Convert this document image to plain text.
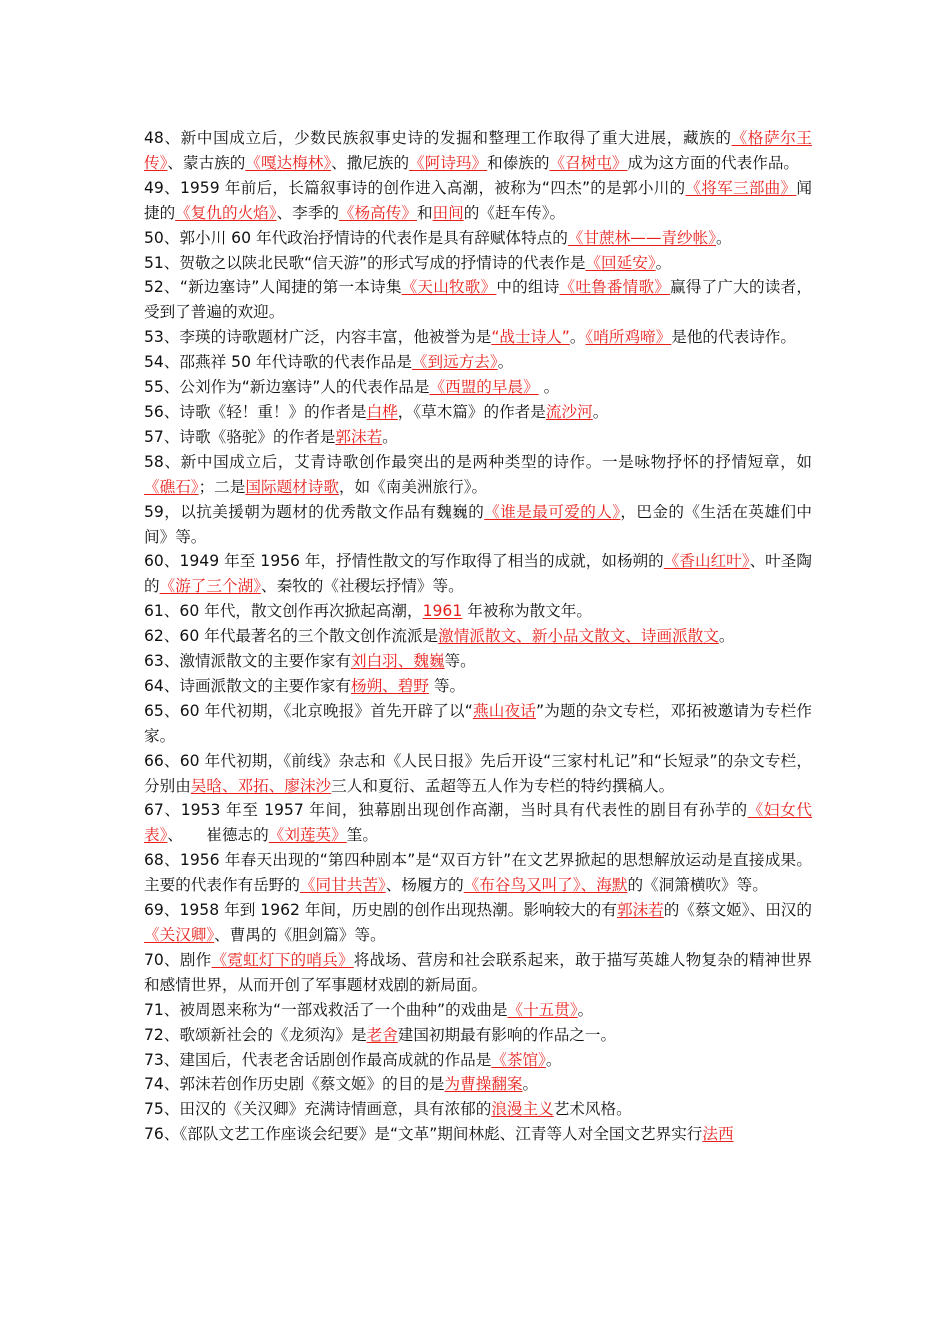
48、新中国成立后，少数民族叙事史诗的发掘和整理工作取得了重大进展，藏族的《格萨尔王传》、蒙古族的《嘎达梅林》、撒尼族的《阿诗玛》和傣族的《召树屯》成为这方面的代表作品。

49、1959 年前后，长篇叙事诗的创作进入高潮，被称为“四杰”的是郭小川的《将军三部曲》闻捷的《复仇的火焰》、李季的《杨高传》和田间的《赶车传》。

50、郭小川 60 年代政治抒情诗的代表作是具有辞赋体特点的《甘蔗林——青纱帐》。

51、贺敬之以陕北民歌“信天游”的形式写成的抒情诗的代表作是《回延安》。

52、“新边塞诗”人闻捷的第一本诗集《天山牧歌》中的组诗《吐鲁番情歌》赢得了广大的读者，受到了普遍的欢迎。

53、李瑛的诗歌题材广泛，内容丰富，他被誉为是“战士诗人”。《哨所鸡啼》是他的代表诗作。

54、邵燕祥 50 年代诗歌的代表作品是《到远方去》。

55、公刘作为“新边塞诗”人的代表作品是《西盟的早晨》 。

56、诗歌《轻！重！》的作者是白桦，《草木篇》的作者是流沙河。

57、诗歌《骆驼》的作者是郭沫若。

58、新中国成立后，艾青诗歌创作最突出的是两种类型的诗作。一是咏物抒怀的抒情短章，如《礁石》；二是国际题材诗歌，如《南美洲旅行》。

59，以抗美援朝为题材的优秀散文作品有魏巍的《谁是最可爱的人》，巴金的《生活在英雄们中间》等。

60、1949 年至 1956 年，抒情性散文的写作取得了相当的成就，如杨朔的《香山红叶》、叶圣陶的《游了三个湖》、秦牧的《社稷坛抒情》等。

61、60 年代，散文创作再次掀起高潮，1961 年被称为散文年。

62、60 年代最著名的三个散文创作流派是激情派散文、新小品文散文、诗画派散文。

63、激情派散文的主要作家有刘白羽、魏巍等。

64、诗画派散文的主要作家有杨朔、碧野 等。

65、60 年代初期，《北京晚报》首先开辟了以“燕山夜话”为题的杂文专栏，邓拓被邀请为专栏作家。

66、60 年代初期，《前线》杂志和《人民日报》先后开设“三家村札记”和“长短录”的杂文专栏，分别由吴晗、邓拓、廖沫沙三人和夏衍、孟超等五人作为专栏的特约撰稿人。

67、1953 年至 1957 年间，独幕剧出现创作高潮，当时具有代表性的剧目有孙芋的《妇女代表》、　　崔德志的《刘莲英》筀。

68、1956 年春天出现的“第四种剧本”是“双百方针”在文艺界掀起的思想解放运动是直接成果。主要的代表作有岳野的《同甘共苦》、杨履方的《布谷鸟又叫了》、海默的《洞箫横吹》等。

69、1958 年到 1962 年间，历史剧的创作出现热潮。影响较大的有郭沫若的《蔡文姬》、田汉的《关汉卿》、曹禺的《胆剑篇》等。

70、剧作《霓虹灯下的哨兵》将战场、营房和社会联系起来，敢于描写英雄人物复杂的精神世界和感情世界，从而开创了军事题材戏剧的新局面。

71、被周恩来称为“一部戏救活了一个曲种”的戏曲是《十五贯》。

72、歌颂新社会的《龙须沟》是老舍建国初期最有影响的作品之一。

73、建国后，代表老舍话剧创作最高成就的作品是《茶馆》。

74、郭沫若创作历史剧《蔡文姬》的目的是为曹操翻案。

75、田汉的《关汉卿》充满诗情画意，具有浓郁的浪漫主义艺术风格。

76、《部队文艺工作座谈会纪要》是“文革”期间林彪、江青等人对全国文艺界实行法西
